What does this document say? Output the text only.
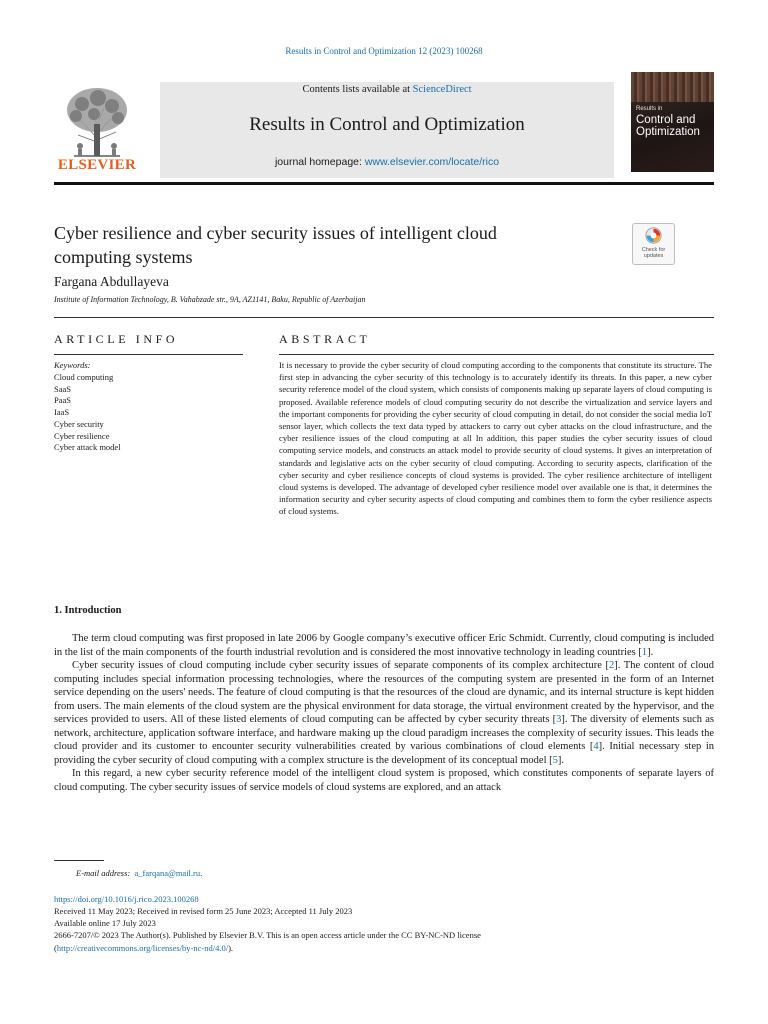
Results in Control and Optimization 12 (2023) 100268
ELSEVIER
Contents lists available at ScienceDirect
Results in Control and Optimization
journal homepage: www.elsevier.com/locate/rico
Results in
Control and
Optimization
Cyber resilience and cyber security issues of intelligent cloud
computing systems	Check for
updates
Fargana Abdullayeva
Institute of Information Technology, B. Vahabzade str., 9A, AZ1141, Baku, Republic of Azerbaijan
ARTICLE INFO
Keywords:
Cloud computing
SaaS
PaaS
IaaS
Cyber security
Cyber resilience
Cyber attack model
ABSTRACT
It is necessary to provide the cyber security of cloud computing according to the components that constitute its structure. The first step in advancing the cyber security of this technology is to accurately identify its threats. In this paper, a new cyber security reference model of the cloud system, which consists of components making up separate layers of cloud computing is proposed. Available reference models of cloud computing security do not describe the virtualization and service layers and the important components for providing the cyber security of cloud computing in detail, do not consider the social media IoT sensor layer, which collects the text data typed by attackers to carry out cyber attacks on the cloud infrastructure, and the cyber resilience issues of the cloud computing at all In addition, this paper studies the cyber security issues of cloud computing service models, and constructs an attack model to provide security of cloud systems. It gives an interpretation of standards and legislative acts on the cyber security of cloud computing. According to security aspects, clarification of the cyber security and cyber resilience concepts of cloud systems is provided. The cyber resilience architecture of intelligent cloud systems is developed. The advantage of developed cyber resilience model over available one is that, it determines the information security and cyber security aspects of cloud computing and combines them to form the cyber resilience aspects of cloud systems.
1. Introduction

The term cloud computing was first proposed in late 2006 by Google company’s executive officer Eric Schmidt. Currently, cloud computing is included in the list of the main components of the fourth industrial revolution and is considered the most innovative technology in leading countries [1].

Cyber security issues of cloud computing include cyber security issues of separate components of its complex architecture [2]. The content of cloud computing includes special information processing technologies, where the resources of the computing system are presented in the form of an Internet service depending on the users' needs. The feature of cloud computing is that the resources of the cloud are dynamic, and its internal structure is kept hidden from users. The main elements of the cloud system are the physical environment for data storage, the virtual environment created by the hypervisor, and the services provided to users. All of these listed elements of cloud computing can be affected by cyber security threats [3]. The diversity of elements such as network, architecture, application software interface, and hardware making up the cloud paradigm increases the complexity of security issues. This leads the cloud provider and its customer to encounter security vulnerabilities created by various combinations of cloud elements [4]. Initial necessary step in providing the cyber security of cloud computing with a complex structure is the development of its conceptual model [5].

In this regard, a new cyber security reference model of the intelligent cloud system is proposed, which constitutes components of separate layers of cloud computing. The cyber security issues of service models of cloud systems are explored, and an attack

E-mail address: a_farqana@mail.ru.
https://doi.org/10.1016/j.rico.2023.100268
Received 11 May 2023; Received in revised form 25 June 2023; Accepted 11 July 2023
Available online 17 July 2023
2666-7207/© 2023 The Author(s). Published by Elsevier B.V. This is an open access article under the CC BY-NC-ND license
(http://creativecommons.org/licenses/by-nc-nd/4.0/).
